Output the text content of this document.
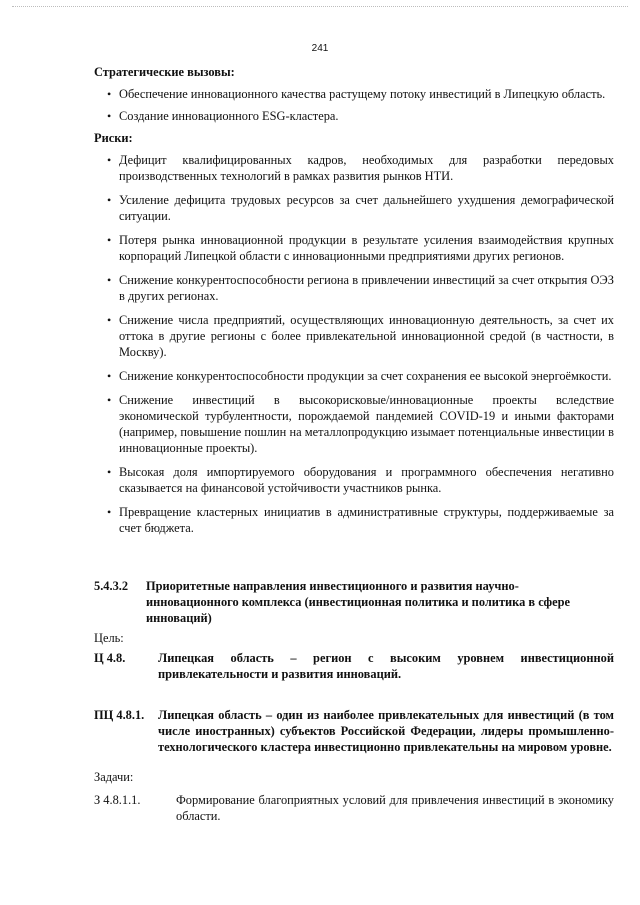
241

Стратегические вызовы:

• Обеспечение инновационного качества растущему потоку инвестиций в Липецкую область.
• Создание инновационного ESG-кластера.

Риски:

• Дефицит квалифицированных кадров, необходимых для разработки передовых производственных технологий в рамках развития рынков НТИ.
• Усиление дефицита трудовых ресурсов за счет дальнейшего ухудшения демографической ситуации.
• Потеря рынка инновационной продукции в результате усиления взаимодействия крупных корпораций Липецкой области с инновационными предприятиями других регионов.
• Снижение конкурентоспособности региона в привлечении инвестиций за счет открытия ОЭЗ в других регионах.
• Снижение числа предприятий, осуществляющих инновационную деятельность, за счет их оттока в другие регионы с более привлекательной инновационной средой (в частности, в Москву).
• Снижение конкурентоспособности продукции за счет сохранения ее высокой энергоёмкости.
• Снижение инвестиций в высокорисковые/инновационные проекты вследствие экономической турбулентности, порождаемой пандемией COVID-19 и иными факторами (например, повышение пошлин на металлопродукцию изымает потенциальные инвестиции в инновационные проекты).
• Высокая доля импортируемого оборудования и программного обеспечения негативно сказывается на финансовой устойчивости участников рынка.
• Превращение кластерных инициатив в административные структуры, поддерживаемые за счет бюджета.
5.4.3.2 Приоритетные направления инвестиционного и развития научно-инновационного комплекса (инвестиционная политика и политика в сфере инноваций)
Цель:
Ц 4.8.	Липецкая область – регион с высоким уровнем инвестиционной привлекательности и развития инноваций.
ПЦ 4.8.1. Липецкая область – один из наиболее привлекательных для инвестиций (в том числе иностранных) субъектов Российской Федерации, лидеры промышленно-технологического кластера инвестиционно привлекательны на мировом уровне.
Задачи:
З 4.8.1.1.	Формирование благоприятных условий для привлечения инвестиций в экономику области.
